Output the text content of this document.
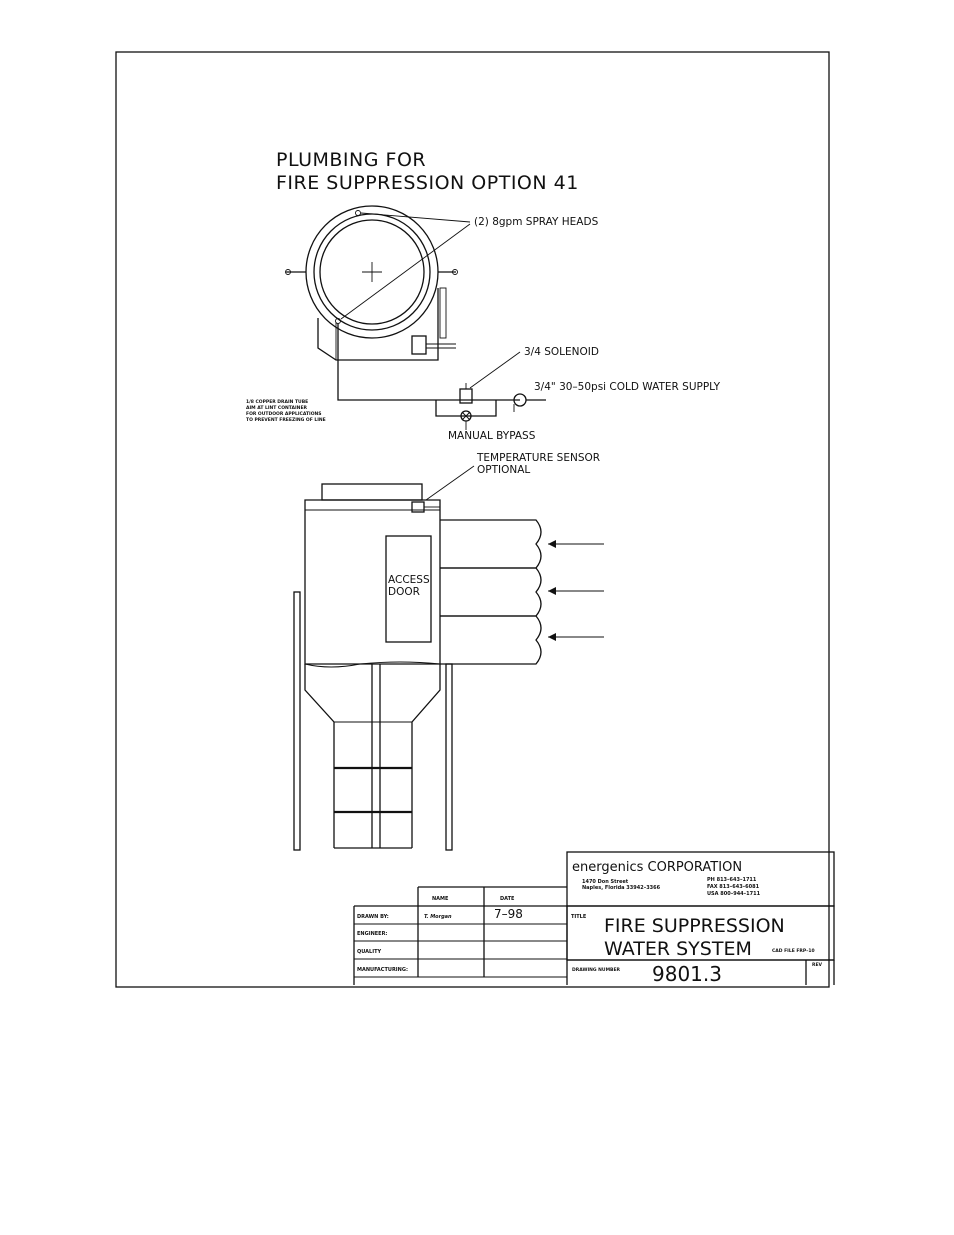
PLUMBING FOR
FIRE SUPPRESSION OPTION 41
(2) 8gpm SPRAY HEADS
1/8 COPPER DRAIN TUBE
AIM AT LINT CONTAINER
FOR OUTDOOR APPLICATIONS
TO PREVENT FREEZING OF LINE
3/4 SOLENOID
3/4" 30–50psi COLD WATER SUPPLY
MANUAL BYPASS
TEMPERATURE SENSOR
OPTIONAL
ACCESS
DOOR
energenics CORPORATION
1470 Don Street
Naples, Florida 33942–3366
PH 813–643–1711
FAX 813–643–6081
USA 800–944–1711
NAME	DATE
DRAWN BY:	T. Morgan	7–98
ENGINEER:
QUALITY
MANUFACTURING:
TITLE FIRE SUPPRESSION
WATER SYSTEM	CAD FILE FRP–10
DRAWING NUMBER 9801.3	REV
